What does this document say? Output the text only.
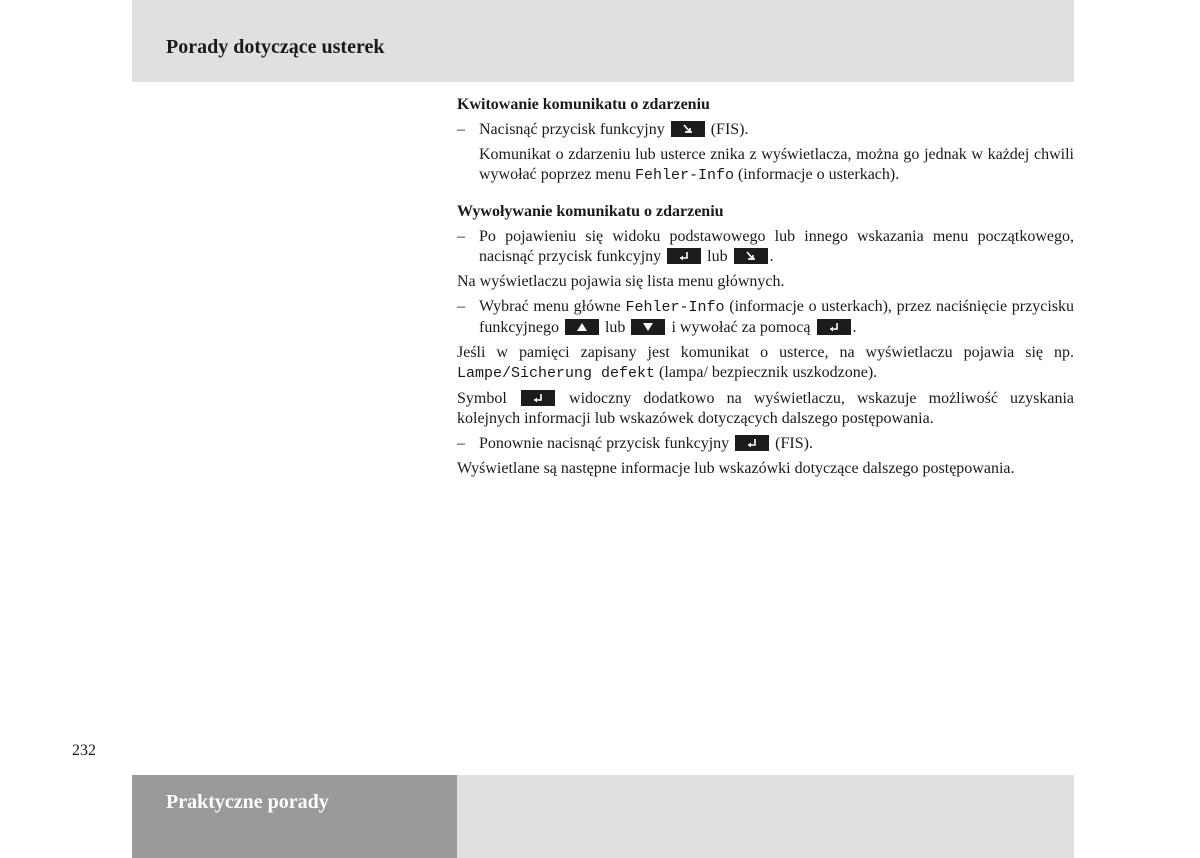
Porady dotyczące usterek
Kwitowanie komunikatu o zdarzeniu
– Nacisnąć przycisk funkcyjny	(FIS).
Komunikat o zdarzeniu lub usterce znika z wyświetlacza, można go jednak w każdej chwili wywołać poprzez menu Fehler-Info (informacje o usterkach).
Wywoływanie komunikatu o zdarzeniu
– Po pojawieniu się widoku podstawowego lub innego wskazania menu początkowego, nacisnąć przycisk funkcyjny	lub	.
Na wyświetlaczu pojawia się lista menu głównych.
– Wybrać menu główne Fehler-Info (informacje o usterkach), przez naciśnięcie przycisku funkcyjnego	lub	i wywołać za pomocą	.
Jeśli w pamięci zapisany jest komunikat o usterce, na wyświetlaczu pojawia się np. Lampe/Sicherung defekt (lampa/ bezpiecznik uszkodzone).
Symbol	widoczny dodatkowo na wyświetlaczu, wskazuje możliwość uzyskania kolejnych informacji lub wskazówek dotyczących dalszego postępowania.
– Ponownie nacisnąć przycisk funkcyjny	(FIS).
Wyświetlane są następne informacje lub wskazówki dotyczące dalszego postępowania.
232
Praktyczne porady
